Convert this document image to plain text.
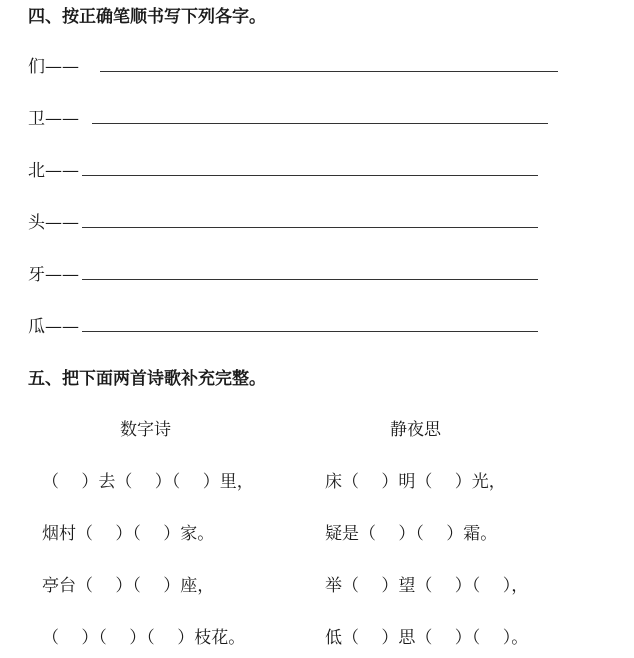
四、按正确笔顺书写下列各字。
们——
卫——
北——
头——
牙——
瓜——
五、把下面两首诗歌补充完整。
数字诗	静夜思
（　 ）去（　 ）（　 ）里，
烟村（　 ）（　 ）家。
亭台（　 ）（　 ）座，
（　 ）（　 ）（　 ）枝花。
床（　 ）明（　 ）光，
疑是（　 ）（　 ）霜。
举（　 ）望（　 ）（　 ），
低（　 ）思（　 ）（　 ）。
